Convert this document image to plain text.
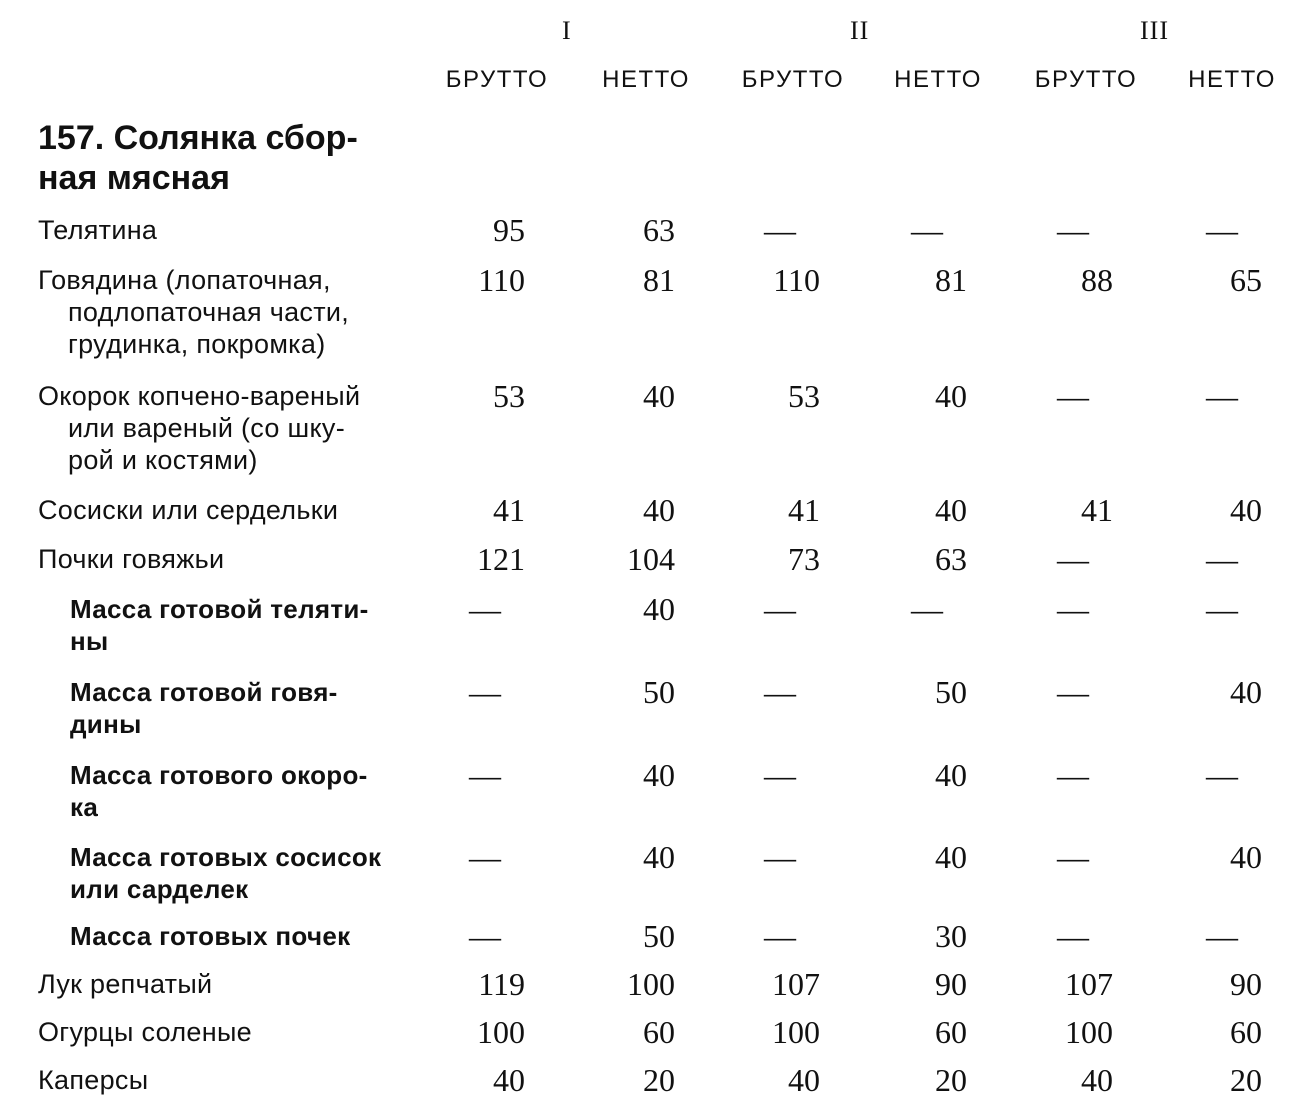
I	II	III
БРУТТО	НЕТТО	БРУТТО	НЕТТО	БРУТТО	НЕТТО
157. Солянка сбор-
ная мясная
Телятина	95	63	—	—	—	—
Говядина (лопаточная,
подлопаточная части,
грудинка, покромка)
110	81	110	81	88	65
Окорок копчено-вареный
или вареный (со шку-
рой и костями)
53	40	53	40	—	—
Сосиски или сердельки	41	40	41	40	41	40
Почки говяжьи	121	104	73	63	—	—
Масса готовой теляти-
ны
—	40	—	—	—	—
Масса готовой говя-
дины
—	50	—	50	—	40
Масса готового окоро-
ка
—	40	—	40	—	—
Масса готовых сосисок
или сарделек
—	40	—	40	—	40
Масса готовых почек	—	50	—	30	—	—
Лук репчатый	119	100	107	90	107	90
Огурцы соленые	100	60	100	60	100	60
Каперсы	40	20	40	20	40	20
